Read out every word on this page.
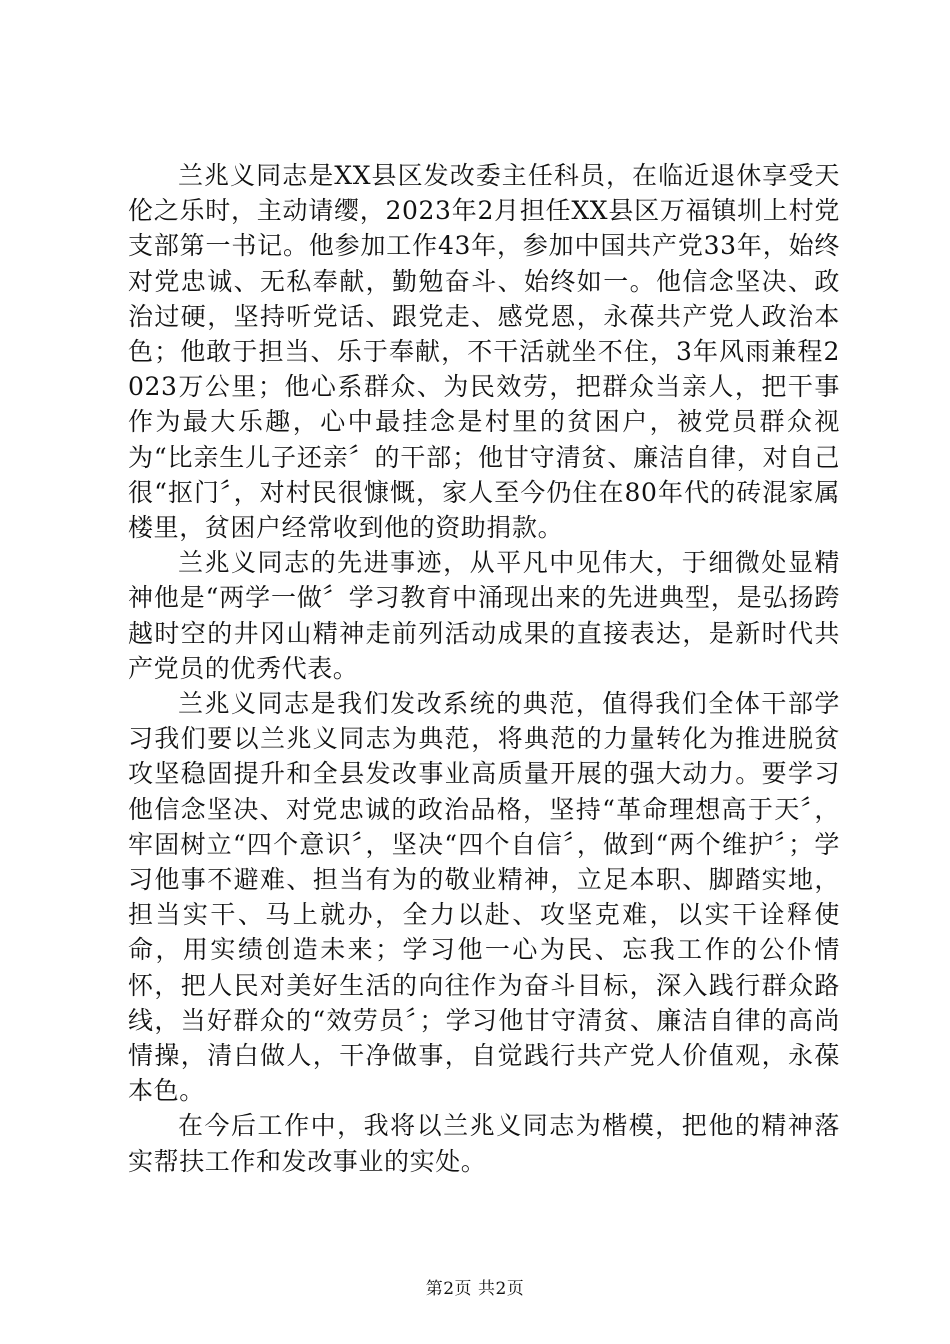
兰兆义同志是XX县区发改委主任科员，在临近退休享受天伦之乐时，主动请缨，2023年2月担任XX县区万福镇圳上村党支部第一书记。他参加工作43年，参加中国共产党33年，始终对党忠诚、无私奉献，勤勉奋斗、始终如一。他信念坚决、政治过硬，坚持听党话、跟党走、感党恩，永葆共产党人政治本色；他敢于担当、乐于奉献，不干活就坐不住，3年风雨兼程2023万公里；他心系群众、为民效劳，把群众当亲人，把干事作为最大乐趣，心中最挂念是村里的贫困户，被党员群众视为“比亲生儿子还亲〞的干部；他甘守清贫、廉洁自律，对自己很“抠门〞，对村民很慷慨，家人至今仍住在80年代的砖混家属楼里，贫困户经常收到他的资助捐款。

兰兆义同志的先进事迹，从平凡中见伟大，于细微处显精神他是“两学一做〞学习教育中涌现出来的先进典型，是弘扬跨越时空的井冈山精神走前列活动成果的直接表达，是新时代共产党员的优秀代表。

兰兆义同志是我们发改系统的典范，值得我们全体干部学习我们要以兰兆义同志为典范，将典范的力量转化为推进脱贫攻坚稳固提升和全县发改事业高质量开展的强大动力。要学习他信念坚决、对党忠诚的政治品格，坚持“革命理想高于天〞，牢固树立“四个意识〞，坚决“四个自信〞，做到“两个维护〞；学习他事不避难、担当有为的敬业精神，立足本职、脚踏实地，担当实干、马上就办，全力以赴、攻坚克难，以实干诠释使命，用实绩创造未来；学习他一心为民、忘我工作的公仆情怀，把人民对美好生活的向往作为奋斗目标，深入践行群众路线，当好群众的“效劳员〞；学习他甘守清贫、廉洁自律的高尚情操，清白做人，干净做事，自觉践行共产党人价值观，永葆本色。

在今后工作中，我将以兰兆义同志为楷模，把他的精神落实帮扶工作和发改事业的实处。

第2页 共2页
